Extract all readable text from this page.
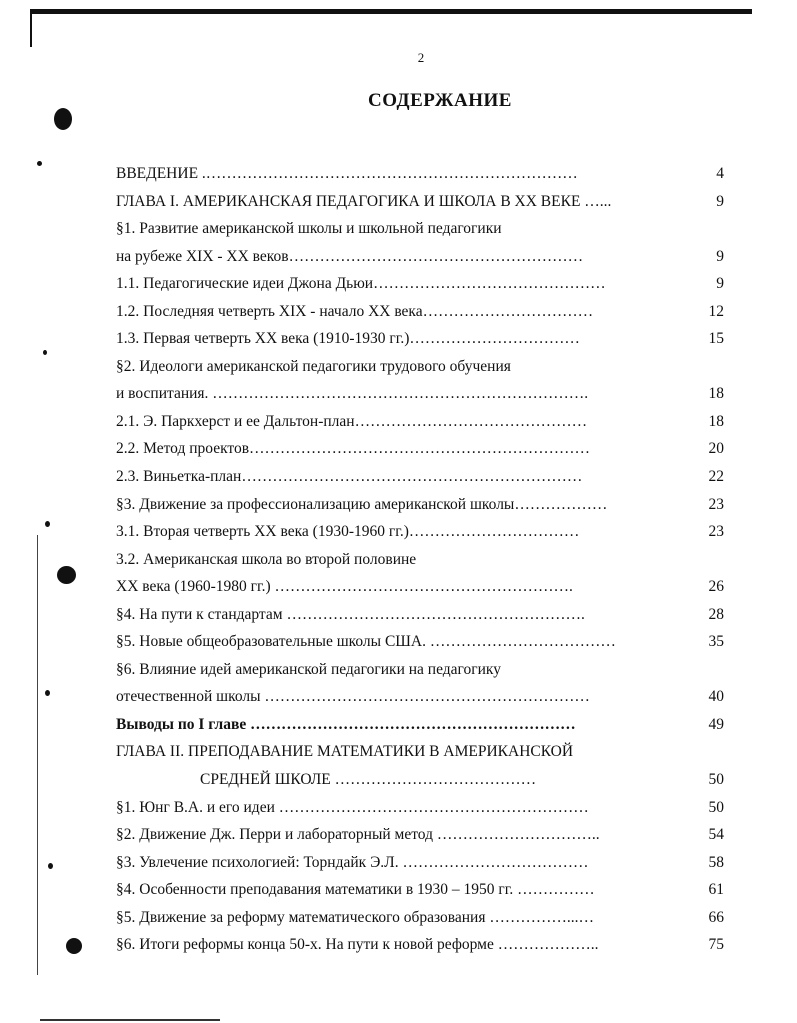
2
СОДЕРЖАНИЕ
ВВЕДЕНИЕ .………………………………………………………………	4
ГЛАВА I. АМЕРИКАНСКАЯ ПЕДАГОГИКА И ШКОЛА В XX ВЕКЕ …...	9
§1. Развитие американской школы и школьной педагогики
на рубеже XIX - XX веков…………………………………………………	9
1.1. Педагогические идеи Джона Дьюи………………………………………	9
1.2. Последняя четверть XIX - начало XX века……………………………	12
1.3. Первая четверть XX века (1910-1930 гг.)……………………………	15
§2. Идеологи американской педагогики трудового обучения
и воспитания. ……………………………………………………………….	18
2.1. Э. Паркхерст и ее Дальтон-план………………………………………	18
2.2. Метод проектов…………………………………………………………	20
2.3. Виньетка-план…………………………………………………………	22
§3. Движение за профессионализацию американской школы………………	23
3.1. Вторая четверть XX века (1930-1960 гг.)……………………………	23
3.2. Американская школа во второй половине
XX века (1960-1980 гг.) ………………………………………………….	26
§4. На пути к стандартам ………………………………………………….	28
§5. Новые общеобразовательные школы США. ………………………………	35
§6. Влияние идей американской педагогики на педагогику
отечественной школы ………………………………………………………	40
Выводы по I главе ………………………………………………………	49
ГЛАВА II. ПРЕПОДАВАНИЕ МАТЕМАТИКИ В АМЕРИКАНСКОЙ
СРЕДНЕЙ ШКОЛЕ …………………………………	50
§1. Юнг В.А. и его идеи ……………………………………………………	50
§2. Движение Дж. Перри и лабораторный метод …………………………..	54
§3. Увлечение психологией: Торндайк Э.Л. ………………………………	58
§4. Особенности преподавания математики в 1930 – 1950 гг. ……………	61
§5. Движение за реформу математического образования ……………...…	66
§6. Итоги реформы конца 50-х. На пути к новой реформе ………………..	75
